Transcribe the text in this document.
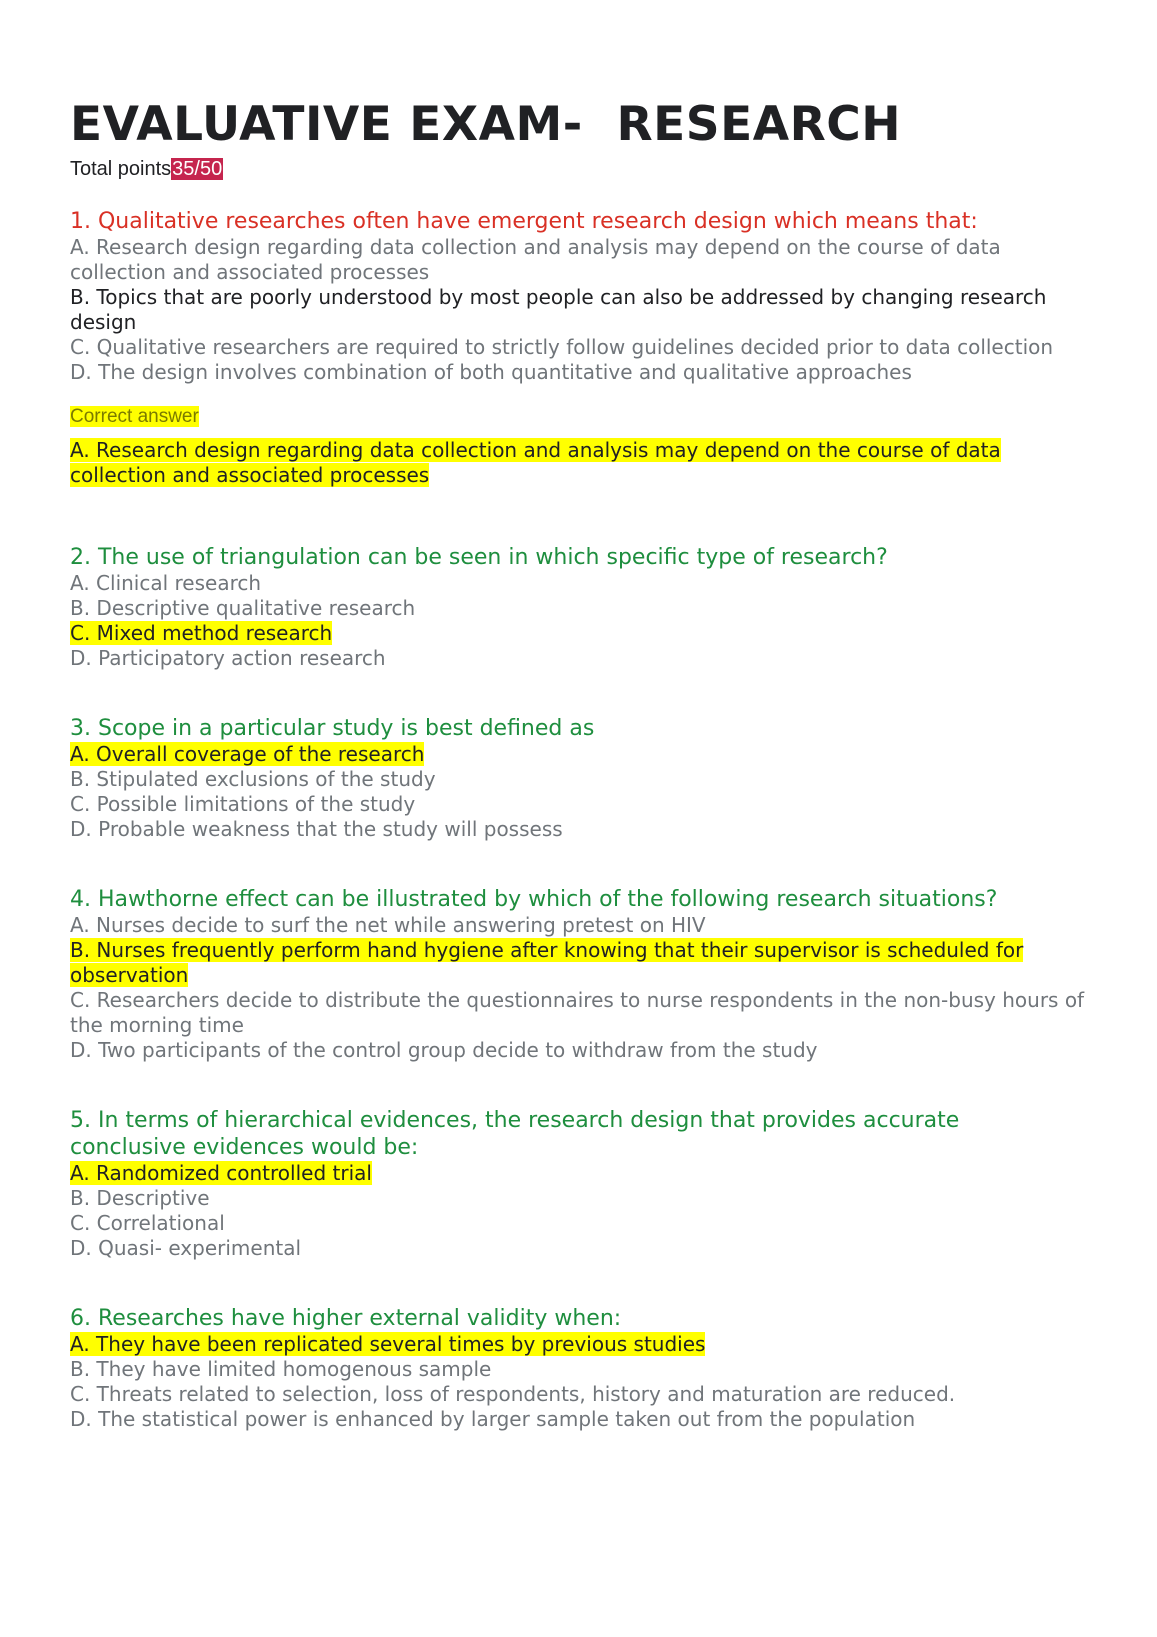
EVALUATIVE EXAM-  RESEARCH
Total points35/50

1. Qualitative researches often have emergent research design which means that:

A. Research design regarding data collection and analysis may depend on the course of data collection and associated processes

B. Topics that are poorly understood by most people can also be addressed by changing research design

C. Qualitative researchers are required to strictly follow guidelines decided prior to data collection

D. The design involves combination of both quantitative and qualitative approaches

Correct answer

A. Research design regarding data collection and analysis may depend on the course of data collection and associated processes

2. The use of triangulation can be seen in which specific type of research?

A. Clinical research

B. Descriptive qualitative research

C. Mixed method research

D. Participatory action research

3. Scope in a particular study is best defined as

A. Overall coverage of the research

B. Stipulated exclusions of the study

C. Possible limitations of the study

D. Probable weakness that the study will possess

4. Hawthorne effect can be illustrated by which of the following research situations?

A. Nurses decide to surf the net while answering pretest on HIV

B. Nurses frequently perform hand hygiene after knowing that their supervisor is scheduled for observation

C. Researchers decide to distribute the questionnaires to nurse respondents in the non-busy hours of the morning time

D. Two participants of the control group decide to withdraw from the study

5. In terms of hierarchical evidences, the research design that provides accurate conclusive evidences would be:

A. Randomized controlled trial

B. Descriptive

C. Correlational

D. Quasi- experimental

6. Researches have higher external validity when:

A. They have been replicated several times by previous studies

B. They have limited homogenous sample

C. Threats related to selection, loss of respondents, history and maturation are reduced.

D. The statistical power is enhanced by larger sample taken out from the population
